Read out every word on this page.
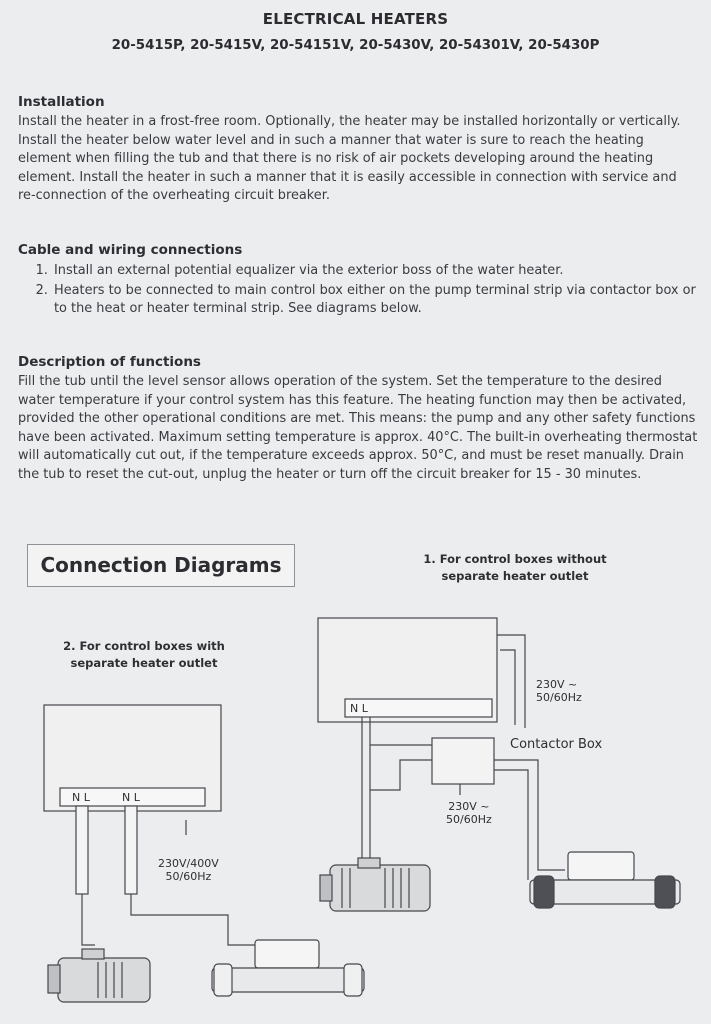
ELECTRICAL HEATERS
20-5415P, 20-5415V, 20-54151V, 20-5430V, 20-54301V, 20-5430P
Installation

Install the heater in a frost-free room. Optionally, the heater may be installed horizontally or vertically. Install the heater below water level and in such a manner that water is sure to reach the heating element when filling the tub and that there is no risk of air pockets developing around the heating element. Install the heater in such a manner that it is easily accessible in connection with service and re-connection of the overheating circuit breaker.

Cable and wiring connections
1. Install an external potential equalizer via the exterior boss of the water heater.
2. Heaters to be connected to main control box either on the pump terminal strip via contactor box or to the heat or heater terminal strip. See diagrams below.
Description of functions

Fill the tub until the level sensor allows operation of the system. Set the temperature to the desired water temperature if your control system has this feature. The heating function may then be activated, provided the other operational conditions are met. This means: the pump and any other safety functions have been activated. Maximum setting temperature is approx. 40°C. The built-in overheating thermostat will automatically cut out, if the temperature exceeds approx. 50°C, and must be reset manually. Drain the tub to reset the cut-out, unplug the heater or turn off the circuit breaker for 15 - 30 minutes.

Connection Diagrams	1. For control boxes without
separate heater outlet
2. For control boxes with
separate heater outlet
N L
230V ~
50/60Hz
Contactor Box
230V ~
50/60Hz
N L	N L
230V/400V
50/60Hz
